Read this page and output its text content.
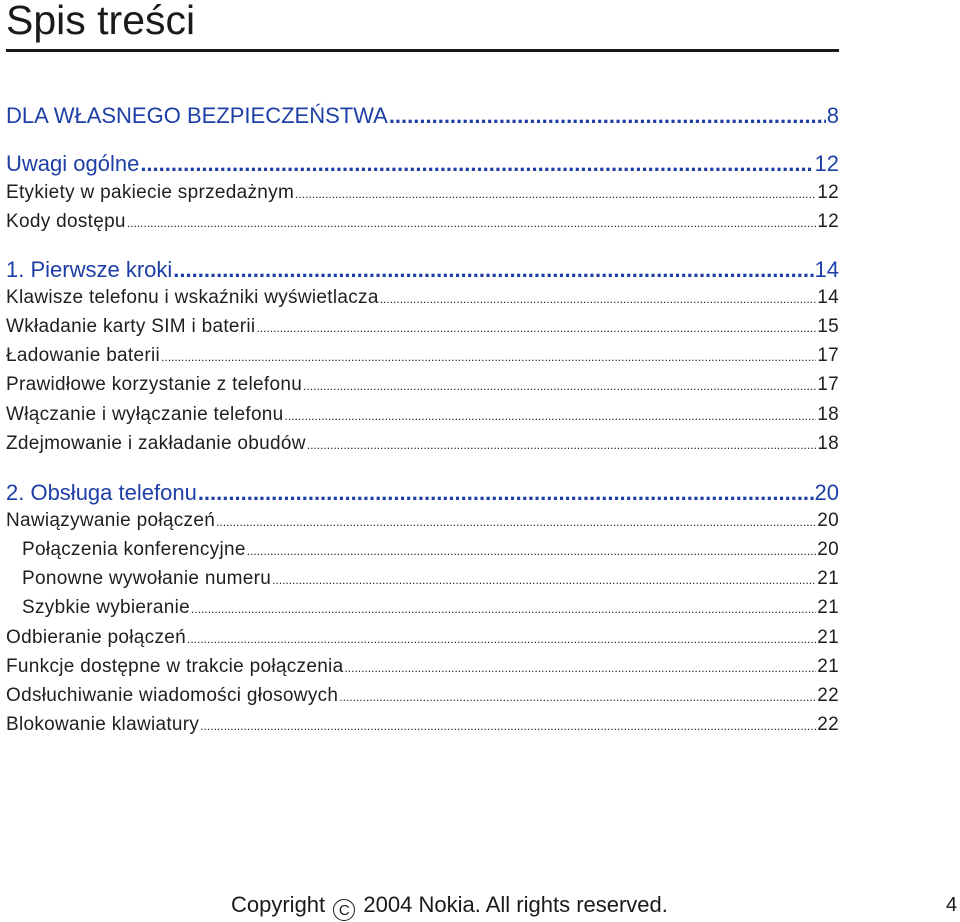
Spis treści
DLA WŁASNEGO BEZPIECZEŃSTWA .....	8
Uwagi ogólne .....	12
Etykiety w pakiecie sprzedażnym .....	12
Kody dostępu .....	12
1. Pierwsze kroki .....	14
Klawisze telefonu i wskaźniki wyświetlacza .....	14
Wkładanie karty SIM i baterii .....	15
Ładowanie baterii .....	17
Prawidłowe korzystanie z telefonu .....	17
Włączanie i wyłączanie telefonu .....	18
Zdejmowanie i zakładanie obudów .....	18
2. Obsługa telefonu .....	20
Nawiązywanie połączeń .....	20
Połączenia konferencyjne .....	20
Ponowne wywołanie numeru .....	21
Szybkie wybieranie .....	21
Odbieranie połączeń .....	21
Funkcje dostępne w trakcie połączenia .....	21
Odsłuchiwanie wiadomości głosowych .....	22
Blokowanie klawiatury .....	22
Copyright C 2004 Nokia. All rights reserved.	4
